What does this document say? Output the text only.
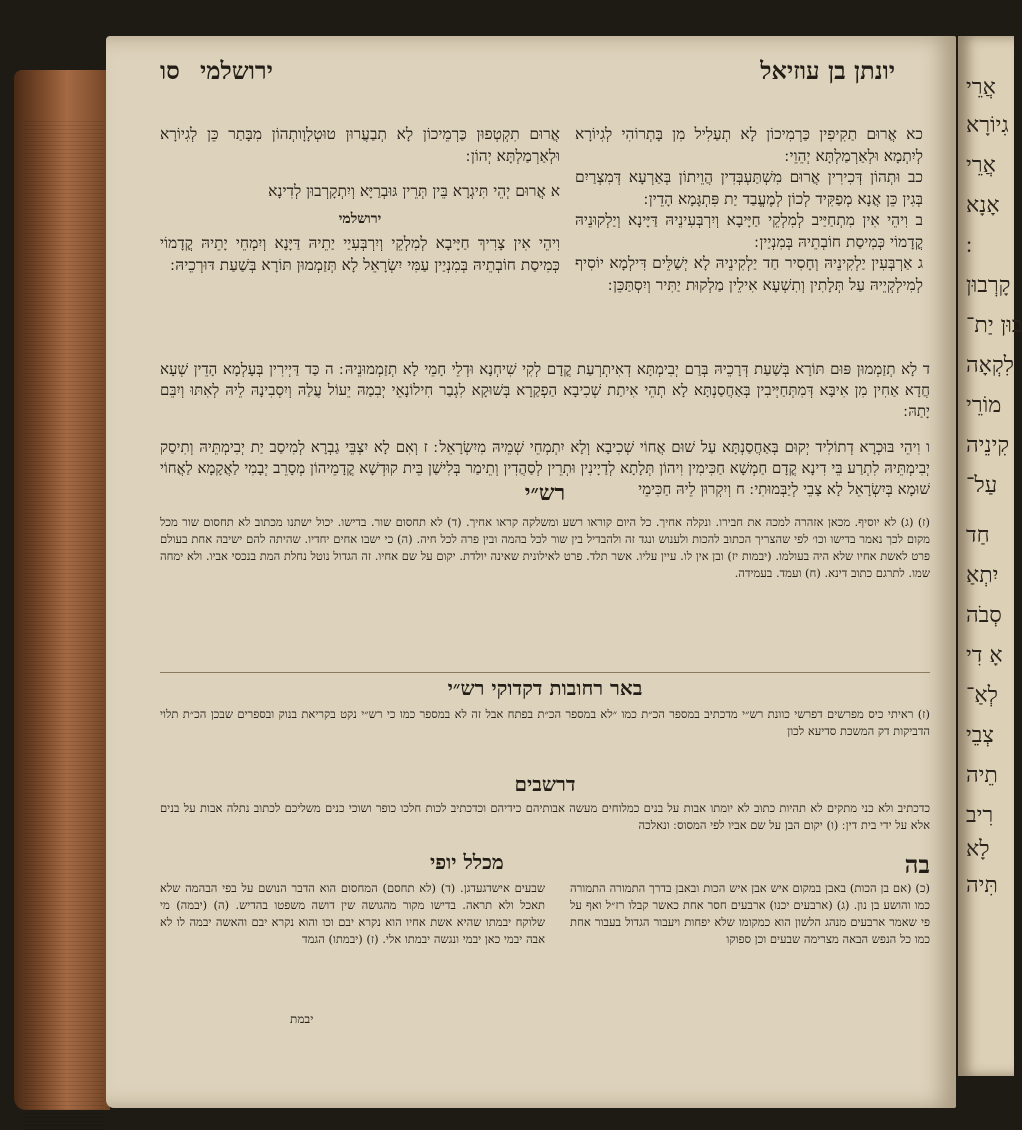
אֲרֵי
גִיוֹרָא
אֲרֵי
אָנָא
קָרְבוּן
בוּן יַת־
לִקְאָה
מוֹרֵי
קִינֵיה
עַל־
חַד
יִתְאַ
סְבֹה
אָ דִי
לְאַ־
צְבֵי
תֵיה
רִיב
לָא
תִּיה
יונתן בן עוזיאל
ירושלמי
סו

כא אֲרוּם תַקִיפִין כַּרְמִיכוֹן לָא תְעַלִיל מִן בָּתְרוֹהִי לְגִיוֹרָא לְיִתְמָא וּלְאַרְמַלְתָּא יְהֵוֵי ׃

כב וּתְהוֹן דְּכִירִין אֲרוּם מִשְׁתַּעְבְּדִין הֲוֵיתוֹן בְּאַרְעָא דְּמִצְרַיִם בְּגִין כֵּן אֲנָא מְפַקִּיד לְכוֹן לְמֶעֱבַד יַת פִּתְגָּמָא הָדֵין ׃

ב וִיהֵי אִין מִתְחַיַּיב לְמִלְקֵי חַיָּיבָא וְיִרְבְּעִינֵיהּ דַּיָּינָא וְיַלְקוּנֵיהּ קֳדָמוֹי כְּמִיסַת חוֹבְתֵיהּ בְּמִנְיַין ׃

ג אַרְבְּעִין יַלְקִינֵיהּ וְחָסִיר חַד יַלְקִינֵיהּ לָא יְשַׁלֵּים דִּילְמָא יוֹסִיף לְמִילְקְיֵיהּ עַל תְּלָתִין וְתִשְׁעָא אִילֵין מַלְקוּת יַתִּיר וְיִסְתַּכֵּן ׃

אֲרוּם תִקְטְפוּן כַּרְמֵיכוֹן לָא תְבַעֲרוּן טוּטְלָוָותְהוֹן מִבָּתַר כֵּן לְגִיוֹרָא וּלְאַרְמַלְתָּא יְהוֹן ׃

א אֲרוּם יְהֵי תִּיגְרָא בֵּין תְּרֵין גּוּבְרַיָּא וְיִתְקָרְבוּן לְדִינָא

ירושלמי

וִיהֵי אִין צָרִיךְ חַיָּיבָא לְמִלְקֵי וְיִרְבְּעִיַי יַתֵיהּ דַּיָּנָא וְיִמְחֵי יָתֵיהּ קֳדָמוֹי כְּמִיסַת חוֹבְתֵיהּ בְּמִנְיַין עַמִּי יִשְׂרָאֵל לָא תְּזַמְמוּן תּוֹרָא בְּשַׁעַת דּוּרְכֵיהּ ׃

ד לָא תְזַמְמוּן פּוּם תּוֹרָא בְּשַׁעַת דְּרָכֵיהּ בְּרַם יְבִימְתָּא דְאִיתְרְעַת קֳדָם לְקִי שִׁיחְנָא וּדְלֵי חָמֵי לָא תְזַמְמוּנֵיהּ ׃ ה כַּד דַּיְירִין בְּעָלְמָא הָדֵין שְׁעָא חֲדָא אַחִין מִן אִיבָּא דְּמִתְּחַיְּיבִין בְּאַחֲסַנְתָּא לָא תְהֵי אִיתַת שְׁכִיבָא הַפְקַרָא בְּשׁוּקָא לִגְבַר חִילוֹנָאֵי יְבִמַהּ יֵעוֹל עֲלַהּ וְיִסְבִינָהּ לֵיהּ לְאִתּוּ וְיִבֵּם יָתַהּ ׃

ו וִיהֵי בּוּכְרָא דְתוֹלִיד יְקוּם בְּאַחֲסַנְתָּא עַל שׁוּם אֲחוֹי שְׁכִיבָא וְלָא יִתְמְחֵי שְׁמֵיהּ מִיִשְׂרָאֵל ׃ ז וְאִם לָא יִצְבֵּי גַבְרָא לְמִיסַב יַת יְבִימְתֵּיהּ וְתִיסַק יְבִימְתֵּיהּ לִתְרַע בֵּי דִינָא קֳדָם חַמְשָׁא חַכִּימִין וִיהוֹן תְּלָתָא לְדַיָינִין וּתְרֵין לְסַהֲדִין וְתֵימַר בְּלִישַׁן בֵּית קוּדְשָׁא קֳדָמֵיהוֹן מְסָרֵב יְבָמִי לַאֲקָמָא לַאֲחוֹי שׁוּמָא בְּיִשְׂרָאֵל לָא צָבֵי לְיַבְּמוּתִי ׃ ח וְיִקְרוּן לֵיהּ חַכִּימֵי

רש״י
(ז) (ג) לא יוסיף. מכאן אזהרה למכה את חבירו. ונקלה אחיך. כל היום קוראו רשע ומשלקה קראו אחיך. (ד) לא תחסום שור. בדישו. יכול ישתנו מכתוב לא תחסום שור מכל מקום לכך נאמר בדישו וכו׳ לפי שהצריך הכתוב להכות ולענוש ונגד זה ולהבדיל בין שור לכל בהמה ובין פרה לכל חיה. (ה) כי ישבו אחים יחדיו. שהיתה להם ישיבה אחת בעולם פרט לאשת אחיו שלא היה בעולמו. (יבמות יז) ובן אין לו. עיין עליו. אשר תלד. פרט לאילונית שאינה יולדת. יקום על שם אחיו. זה הגדול נוטל נחלת המת בנכסי אביו. ולא ימחה שמו. לתרגם כתוב דינא. (ח) ועמד. בעמידה.
באר רחובות דקדוקי רש״י
(ז) ראיתי כיס מפרשים דפרשי כוונת רש״י מדכתיב במספר הכ״ת כמו ״לא במספר הכ״ת בפתח אבל זה לא במספר כמו כי רש״י נקט בקריאת בנוק ובספרים שבכן הכ״ת תלוי הדביקות דק המשכת סדיעא לכון
דרשבים
כדכתיב ולא כני מתקים לא תהיות כתוב לא יומתו אבות על בנים כמלוחים מעשה אבותיהם כידיהם וכדכתיב לכות חלכו כופר ושוכי כנים משליכם לכתוב נתלה אבות על בנים אלא על ידי בית דין ׃ (ו) יקום הבן על שם אביו לפי המסוס ׃ ונאלכה
בה
מכלל יופי
(כ) (אם בן הכות) באבן במקום איש אבן איש הכות ובאבן בדרך התמורה התמורה כמו והושע בן נון. (ג) (ארבעים יכנו) ארבעים חסר אחת כאשר קבלו רז״ל ואף על פי שאמר ארבעים מנהג הלשון הוא כמקומו שלא יפחות ויעבור הגדול בעבור אחת כמו כל הנפש הבאה מצרימה שבעים וכן ספוקו
שבעים אישדגעדגן. (ד) (לא תחסם) המחסום הוא הדבר הנושם על בפי הבהמה שלא תאכל ולא תראה. בדישו מקור מהגושה שין דושה משפטו בהדיש. (ה) (יבמה) מי שלוקח יבמתו שהיא אשת אחיו הוא נקרא יבם וכו והוא נקרא יבם והאשה יבמה לו לא אבה יבמי כאן יבמי ונגשה יבמתו אלי. (ז) (יבמתו) הגמד
יבמת
